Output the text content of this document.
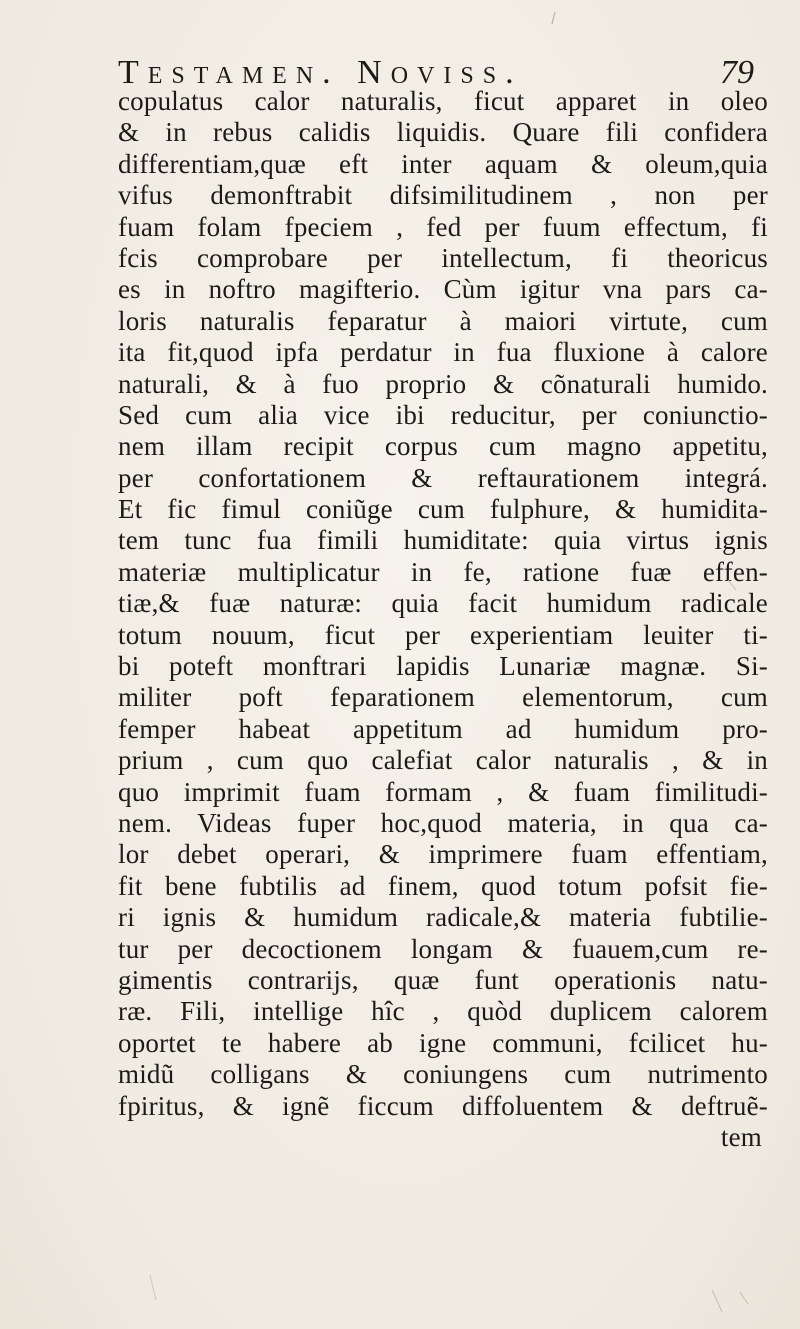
Testamen. Noviss.	79
copulatus calor naturalis, ficut apparet in oleo
& in rebus calidis liquidis. Quare fili confidera
differentiam,quæ eft inter aquam & oleum,quia
vifus demonftrabit difsimilitudinem , non per
fuam folam fpeciem , fed per fuum effectum, fi
fcis comprobare per intellectum, fi theoricus
es in noftro magifterio. Cùm igitur vna pars ca-
loris naturalis feparatur à maiori virtute, cum
ita fit,quod ipfa perdatur in fua fluxione à calore
naturali, & à fuo proprio & cõnaturali humido.
Sed cum alia vice ibi reducitur, per coniunctio-
nem illam recipit corpus cum magno appetitu,
per confortationem & reftaurationem integrá.
Et fic fimul coniũge cum fulphure, & humidita-
tem tunc fua fimili humiditate: quia virtus ignis
materiæ multiplicatur in fe, ratione fuæ effen-
tiæ,& fuæ naturæ: quia facit humidum radicale
totum nouum, ficut per experientiam leuiter ti-
bi poteft monftrari lapidis Lunariæ magnæ. Si-
militer poft feparationem elementorum, cum
femper habeat appetitum ad humidum pro-
prium , cum quo calefiat calor naturalis , & in
quo imprimit fuam formam , & fuam fimilitudi-
nem. Videas fuper hoc,quod materia, in qua ca-
lor debet operari, & imprimere fuam effentiam,
fit bene fubtilis ad finem, quod totum pofsit fie-
ri ignis & humidum radicale,& materia fubtilie-
tur per decoctionem longam & fuauem,cum re-
gimentis contrarijs, quæ funt operationis natu-
ræ. Fili, intellige hîc , quòd duplicem calorem
oportet te habere ab igne communi, fcilicet hu-
midũ colligans & coniungens cum nutrimento
fpiritus, & ignẽ ficcum diffoluentem & deftruẽ-
tem
